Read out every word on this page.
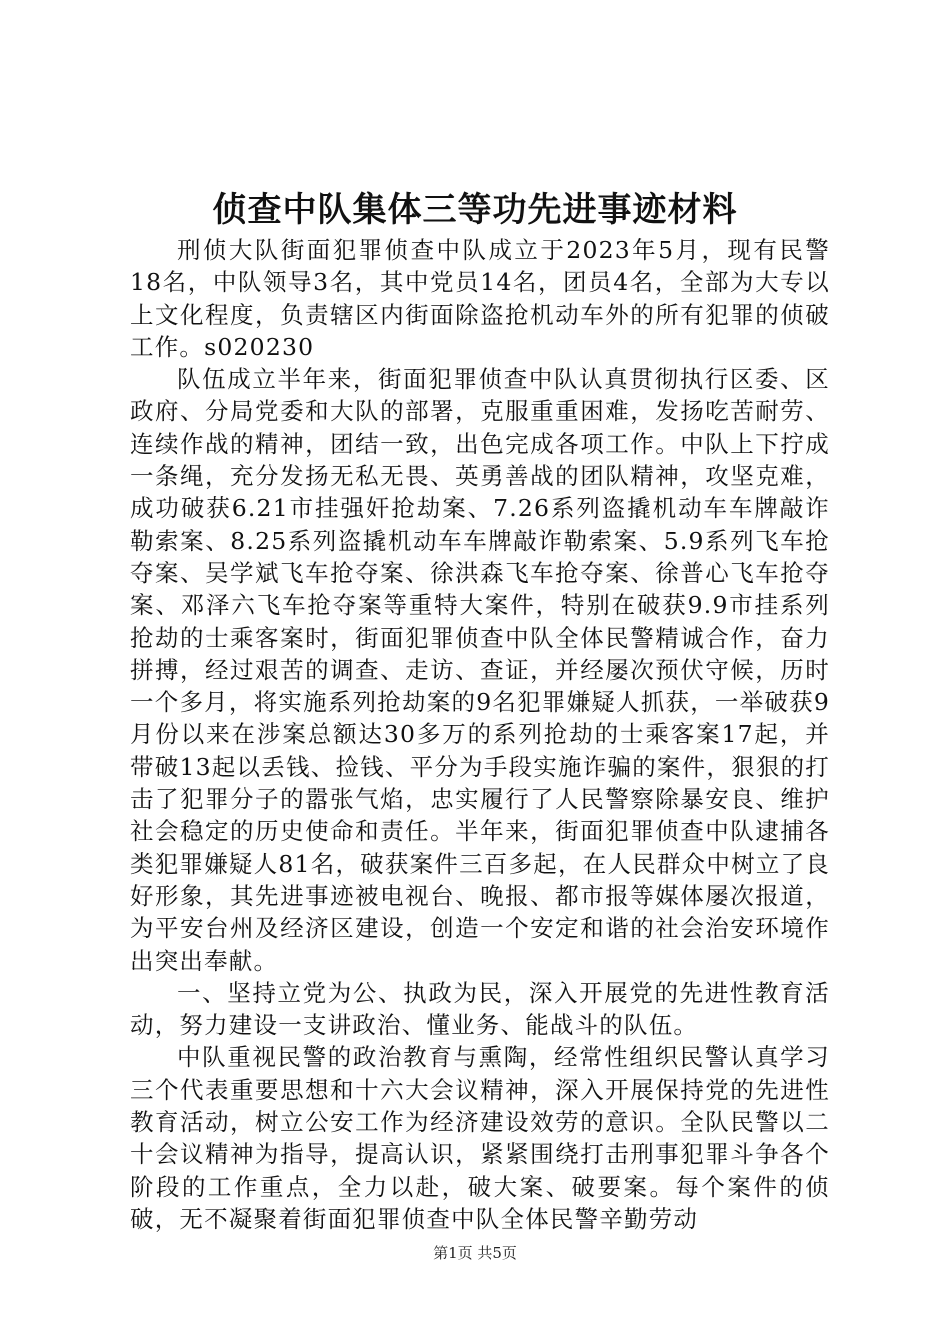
侦查中队集体三等功先进事迹材料

刑侦大队街面犯罪侦查中队成立于2023年5月，现有民警18名，中队领导3名，其中党员14名，团员4名，全部为大专以上文化程度，负责辖区内街面除盗抢机动车外的所有犯罪的侦破工作。s020230

队伍成立半年来，街面犯罪侦查中队认真贯彻执行区委、区政府、分局党委和大队的部署，克服重重困难，发扬吃苦耐劳、连续作战的精神，团结一致，出色完成各项工作。中队上下拧成一条绳，充分发扬无私无畏、英勇善战的团队精神，攻坚克难，成功破获6.21市挂强奸抢劫案、7.26系列盗撬机动车车牌敲诈勒索案、8.25系列盗撬机动车车牌敲诈勒索案、5.9系列飞车抢夺案、吴学斌飞车抢夺案、徐洪森飞车抢夺案、徐普心飞车抢夺案、邓泽六飞车抢夺案等重特大案件，特别在破获9.9市挂系列抢劫的士乘客案时，街面犯罪侦查中队全体民警精诚合作，奋力拼搏，经过艰苦的调查、走访、查证，并经屡次预伏守候，历时一个多月，将实施系列抢劫案的9名犯罪嫌疑人抓获，一举破获9月份以来在涉案总额达30多万的系列抢劫的士乘客案17起，并带破13起以丢钱、捡钱、平分为手段实施诈骗的案件，狠狠的打击了犯罪分子的嚣张气焰，忠实履行了人民警察除暴安良、维护社会稳定的历史使命和责任。半年来，街面犯罪侦查中队逮捕各类犯罪嫌疑人81名，破获案件三百多起，在人民群众中树立了良好形象，其先进事迹被电视台、晚报、都市报等媒体屡次报道，为平安台州及经济区建设，创造一个安定和谐的社会治安环境作出突出奉献。

一、坚持立党为公、执政为民，深入开展党的先进性教育活动，努力建设一支讲政治、懂业务、能战斗的队伍。

中队重视民警的政治教育与熏陶，经常性组织民警认真学习三个代表重要思想和十六大会议精神，深入开展保持党的先进性教育活动，树立公安工作为经济建设效劳的意识。全队民警以二十会议精神为指导，提高认识，紧紧围绕打击刑事犯罪斗争各个阶段的工作重点，全力以赴，破大案、破要案。每个案件的侦破，无不凝聚着街面犯罪侦查中队全体民警辛勤劳动

第1页 共5页
